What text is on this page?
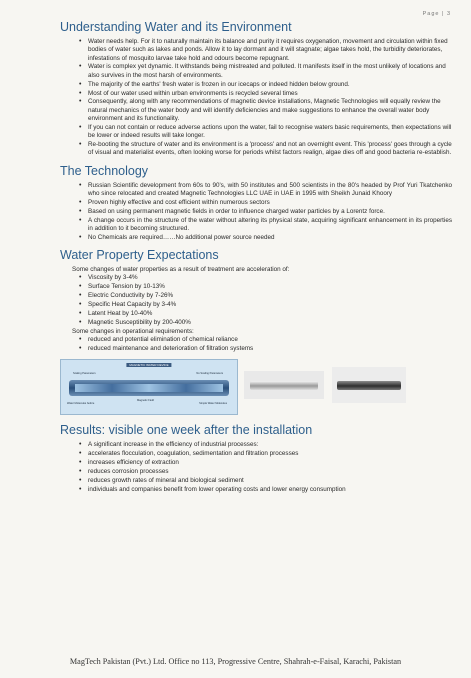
Page | 3
Understanding Water and its Environment
• Water needs help. For it to naturally maintain its balance and purity it requires oxygenation, movement and circulation within fixed bodies of water such as lakes and ponds. Allow it to lay dormant and it will stagnate; algae takes hold, the turbidity deteriorates, infestations of mosquito larvae take hold and odours become repugnant.
• Water is complex yet dynamic. It withstands being mistreated and polluted. It manifests itself in the most unlikely of locations and also survives in the most harsh of environments.
• The majority of the earths' fresh water is frozen in our icecaps or indeed hidden below ground.
• Most of our water used within urban environments is recycled several times
• Consequently, along with any recommendations of magnetic device installations, Magnetic Technologies will equally review the natural mechanics of the water body and will identify deficiencies and make suggestions to enhance the overall water body environment and its functionality.
• If you can not contain or reduce adverse actions upon the water, fail to recognise waters basic requirements, then expectations will be lower or indeed results will take longer.
• Re-booting the structure of water and its environment is a 'process' and not an overnight event. This 'process' goes through a cycle of visual and materialist events, often looking worse for periods whilst factors realign, algae dies off and good bacteria re-establish.
The Technology
• Russian Scientific development from 60s to 90's, with 50 institutes and 500 scientists in the 80's headed by Prof Yuri Tkatchenko who since relocated and created Magnetic Technologies LLC UAE in UAE in 1995 with Sheikh Junaid Khoory
• Proven highly effective and cost efficient within numerous sectors
• Based on using permanent magnetic fields in order to influence charged water particles by a Lorentz force.
• A change occurs in the structure of the water without altering its physical state, acquiring significant enhancement in its properties in addition to it becoming structured.
• No Chemicals are required……No additional power source needed
Water Property Expectations
Some changes of water properties as a result of treatment are acceleration of:
• Viscosity by 3-4%
• Surface Tension by 10-13%
• Electric Conductivity by 7-26%
• Specific Heat Capacity by 3-4%
• Latent Heat by 10-40%
• Magnetic Susceptibility by 200-400%
Some changes in operational requirements:
• reduced and potential elimination of chemical reliance
• reduced maintenance and deterioration of filtration systems
MAGNETIC WATER DEVICE
Scaling Parameters	No Scaling Parameters
Water Molecules before
Magnetic Field
Simple Water Molecules
Results: visible one week after the installation
• A significant increase in the efficiency of industrial processes:
• accelerates flocculation, coagulation, sedimentation and filtration processes
• increases efficiency of extraction
• reduces corrosion processes
• reduces growth rates of mineral and biological sediment
• individuals and companies benefit from lower operating costs and lower energy consumption
MagTech Pakistan (Pvt.) Ltd. Office no 113, Progressive Centre, Shahrah-e-Faisal, Karachi, Pakistan
